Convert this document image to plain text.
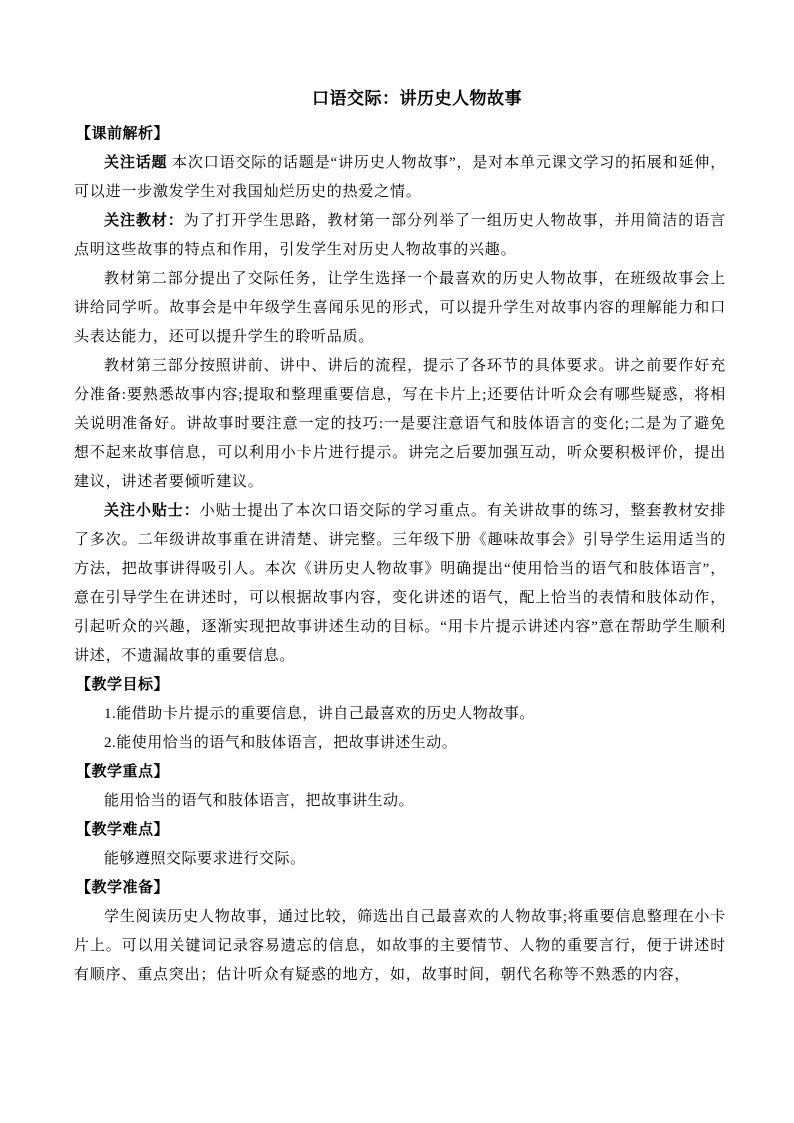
口语交际：讲历史人物故事
【课前解析】

关注话题 本次口语交际的话题是“讲历史人物故事”，是对本单元课文学习的拓展和延伸，可以进一步激发学生对我国灿烂历史的热爱之情。

关注教材：为了打开学生思路，教材第一部分列举了一组历史人物故事，并用简洁的语言点明这些故事的特点和作用，引发学生对历史人物故事的兴趣。

教材第二部分提出了交际任务，让学生选择一个最喜欢的历史人物故事，在班级故事会上讲给同学听。故事会是中年级学生喜闻乐见的形式，可以提升学生对故事内容的理解能力和口头表达能力，还可以提升学生的聆听品质。

教材第三部分按照讲前、讲中、讲后的流程，提示了各环节的具体要求。讲之前要作好充分准备:要熟悉故事内容;提取和整理重要信息，写在卡片上;还要估计听众会有哪些疑惑，将相关说明准备好。讲故事时要注意一定的技巧:一是要注意语气和肢体语言的变化;二是为了避免想不起来故事信息，可以利用小卡片进行提示。讲完之后要加强互动，听众要积极评价，提出建议，讲述者要倾听建议。

关注小贴士：小贴士提出了本次口语交际的学习重点。有关讲故事的练习，整套教材安排了多次。二年级讲故事重在讲清楚、讲完整。三年级下册《趣味故事会》引导学生运用适当的方法，把故事讲得吸引人。本次《讲历史人物故事》明确提出“使用恰当的语气和肢体语言”，意在引导学生在讲述时，可以根据故事内容，变化讲述的语气，配上恰当的表情和肢体动作，引起听众的兴趣，逐渐实现把故事讲述生动的目标。“用卡片提示讲述内容”意在帮助学生顺利讲述，不遗漏故事的重要信息。

【教学目标】

1.能借助卡片提示的重要信息，讲自己最喜欢的历史人物故事。

2.能使用恰当的语气和肢体语言，把故事讲述生动。

【教学重点】

能用恰当的语气和肢体语言，把故事讲生动。

【教学难点】

能够遵照交际要求进行交际。

【教学准备】

学生阅读历史人物故事，通过比较，筛选出自己最喜欢的人物故事;将重要信息整理在小卡片上。可以用关键词记录容易遗忘的信息，如故事的主要情节、人物的重要言行，便于讲述时有顺序、重点突出；估计听众有疑惑的地方，如，故事时间，朝代名称等不熟悉的内容，
